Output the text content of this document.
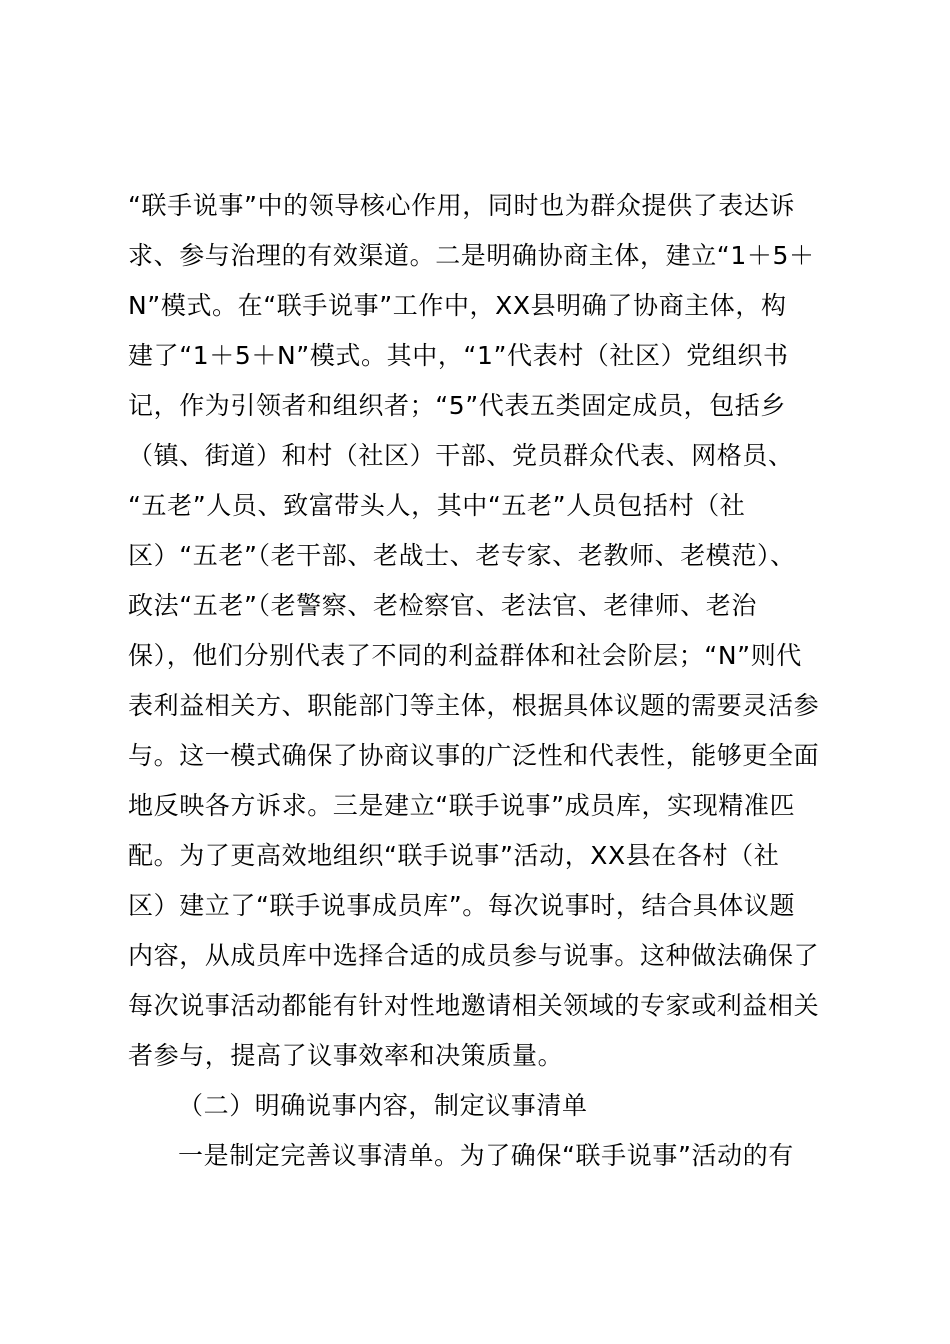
“联手说事”中的领导核心作用，同时也为群众提供了表达诉
求、参与治理的有效渠道。二是明确协商主体，建立“1＋5＋
N”模式。在“联手说事”工作中，XX县明确了协商主体，构
建了“1＋5＋N”模式。其中，“1”代表村（社区）党组织书
记，作为引领者和组织者；“5”代表五类固定成员，包括乡
（镇、街道）和村（社区）干部、党员群众代表、网格员、
“五老”人员、致富带头人，其中“五老”人员包括村（社
区）“五老”（老干部、老战士、老专家、老教师、老模范）、
政法“五老”（老警察、老检察官、老法官、老律师、老治
保），他们分别代表了不同的利益群体和社会阶层；“N”则代
表利益相关方、职能部门等主体，根据具体议题的需要灵活参
与。这一模式确保了协商议事的广泛性和代表性，能够更全面
地反映各方诉求。三是建立“联手说事”成员库，实现精准匹
配。为了更高效地组织“联手说事”活动，XX县在各村（社
区）建立了“联手说事成员库”。每次说事时，结合具体议题
内容，从成员库中选择合适的成员参与说事。这种做法确保了
每次说事活动都能有针对性地邀请相关领域的专家或利益相关
者参与，提高了议事效率和决策质量。
（二）明确说事内容，制定议事清单
一是制定完善议事清单。为了确保“联手说事”活动的有
